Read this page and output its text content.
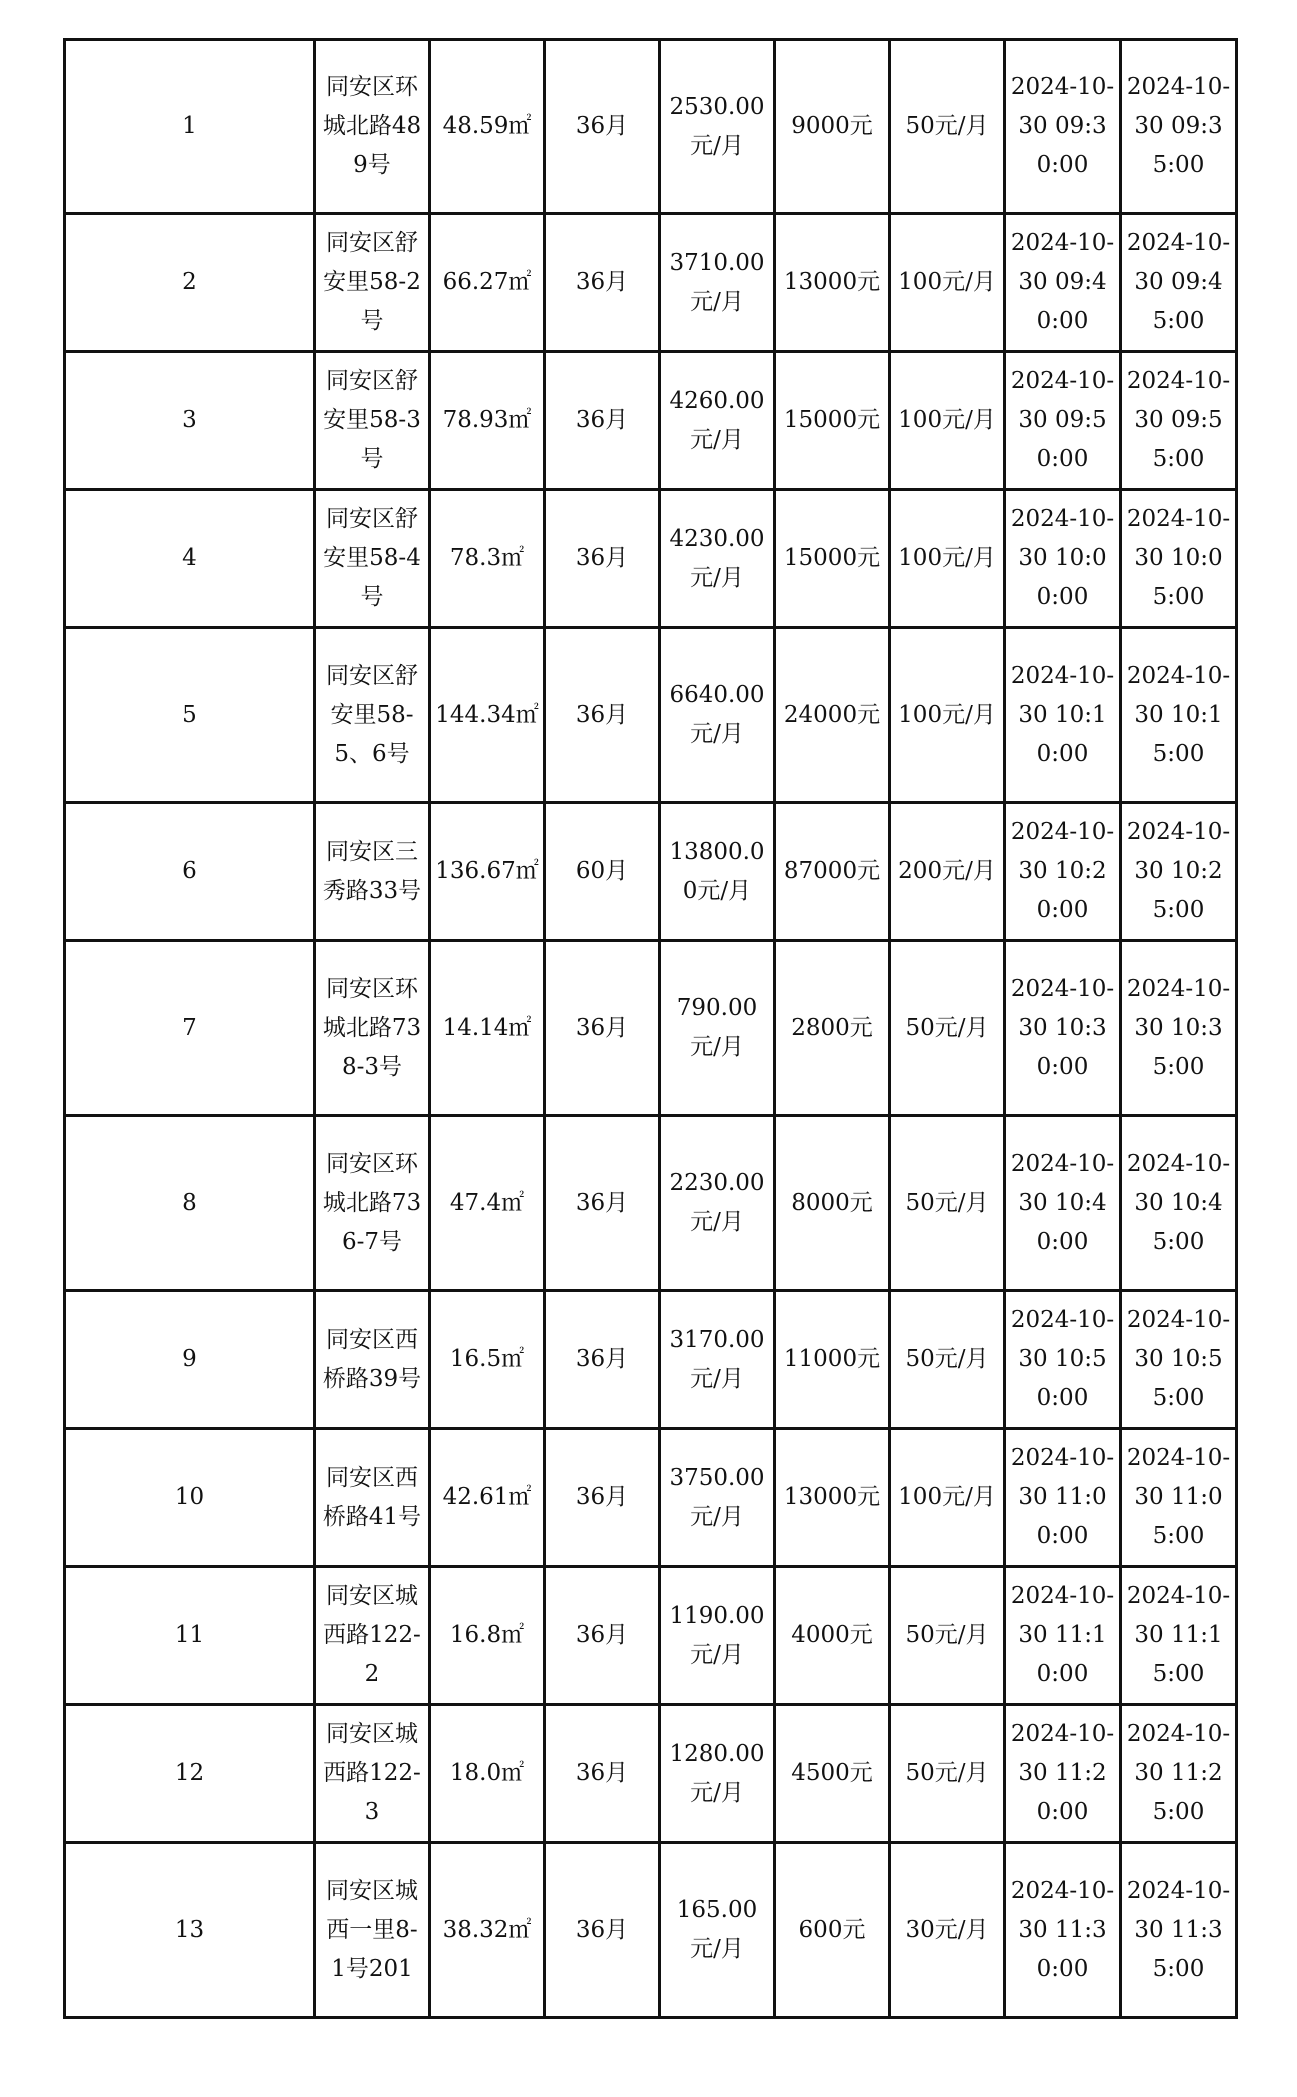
1	同安区环城北路489号	48.59㎡	36月	2530.00元/月	9000元	50元/月	2024-10-30 09:30:00	2024-10-30 09:35:00
2	同安区舒安里58-2号	66.27㎡	36月	3710.00元/月	13000元	100元/月	2024-10-30 09:40:00	2024-10-30 09:45:00
3	同安区舒安里58-3号	78.93㎡	36月	4260.00元/月	15000元	100元/月	2024-10-30 09:50:00	2024-10-30 09:55:00
4	同安区舒安里58-4号	78.3㎡	36月	4230.00元/月	15000元	100元/月	2024-10-30 10:00:00	2024-10-30 10:05:00
5	同安区舒安里58-5、6号	144.34㎡	36月	6640.00元/月	24000元	100元/月	2024-10-30 10:10:00	2024-10-30 10:15:00
6	同安区三秀路33号	136.67㎡	60月	13800.00元/月	87000元	200元/月	2024-10-30 10:20:00	2024-10-30 10:25:00
7	同安区环城北路738-3号	14.14㎡	36月	790.00元/月	2800元	50元/月	2024-10-30 10:30:00	2024-10-30 10:35:00
8	同安区环城北路736-7号	47.4㎡	36月	2230.00元/月	8000元	50元/月	2024-10-30 10:40:00	2024-10-30 10:45:00
9	同安区西桥路39号	16.5㎡	36月	3170.00元/月	11000元	50元/月	2024-10-30 10:50:00	2024-10-30 10:55:00
10	同安区西桥路41号	42.61㎡	36月	3750.00元/月	13000元	100元/月	2024-10-30 11:00:00	2024-10-30 11:05:00
11	同安区城西路122-2	16.8㎡	36月	1190.00元/月	4000元	50元/月	2024-10-30 11:10:00	2024-10-30 11:15:00
12	同安区城西路122-3	18.0㎡	36月	1280.00元/月	4500元	50元/月	2024-10-30 11:20:00	2024-10-30 11:25:00
13	同安区城西一里8-1号201	38.32㎡	36月	165.00元/月	600元	30元/月	2024-10-30 11:30:00	2024-10-30 11:35:00
